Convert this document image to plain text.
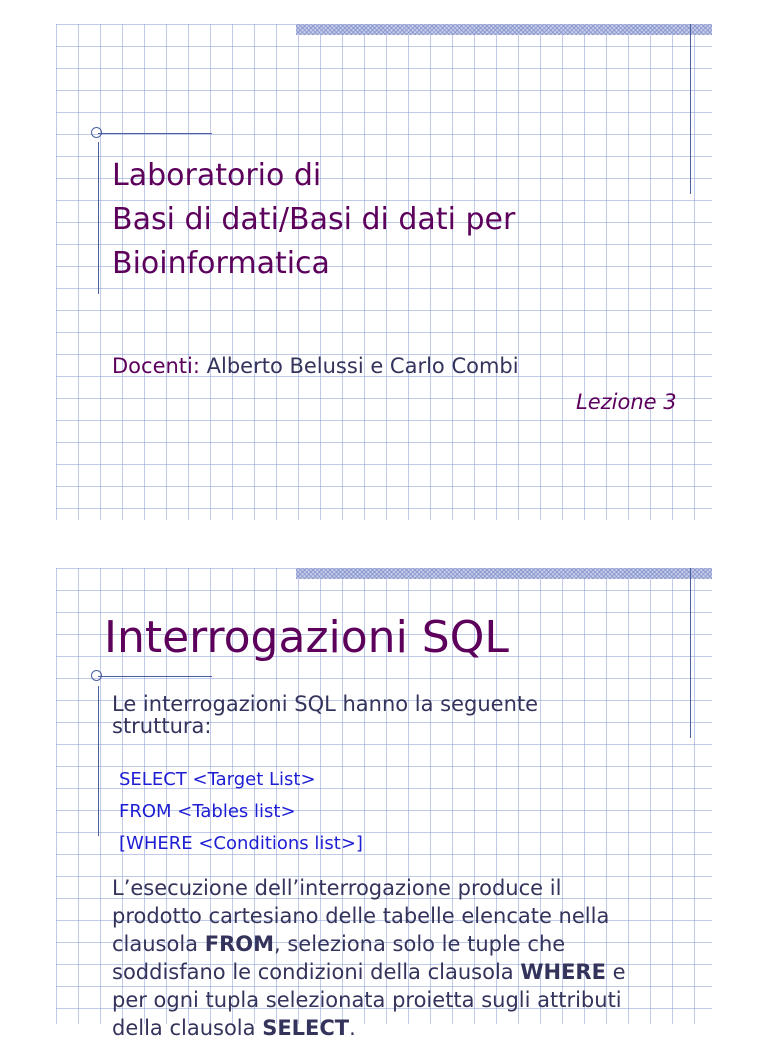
Laboratorio di
Basi di dati/Basi di dati per
Bioinformatica
Docenti: Alberto Belussi e Carlo Combi
Lezione 3
Interrogazioni SQL
Le interrogazioni SQL hanno la seguente
struttura:
SELECT <Target List>
FROM <Tables list>
[WHERE <Conditions list>]
L’esecuzione dell’interrogazione produce il
prodotto cartesiano delle tabelle elencate nella
clausola FROM, seleziona solo le tuple che
soddisfano le condizioni della clausola WHERE e
per ogni tupla selezionata proietta sugli attributi
della clausola SELECT.
